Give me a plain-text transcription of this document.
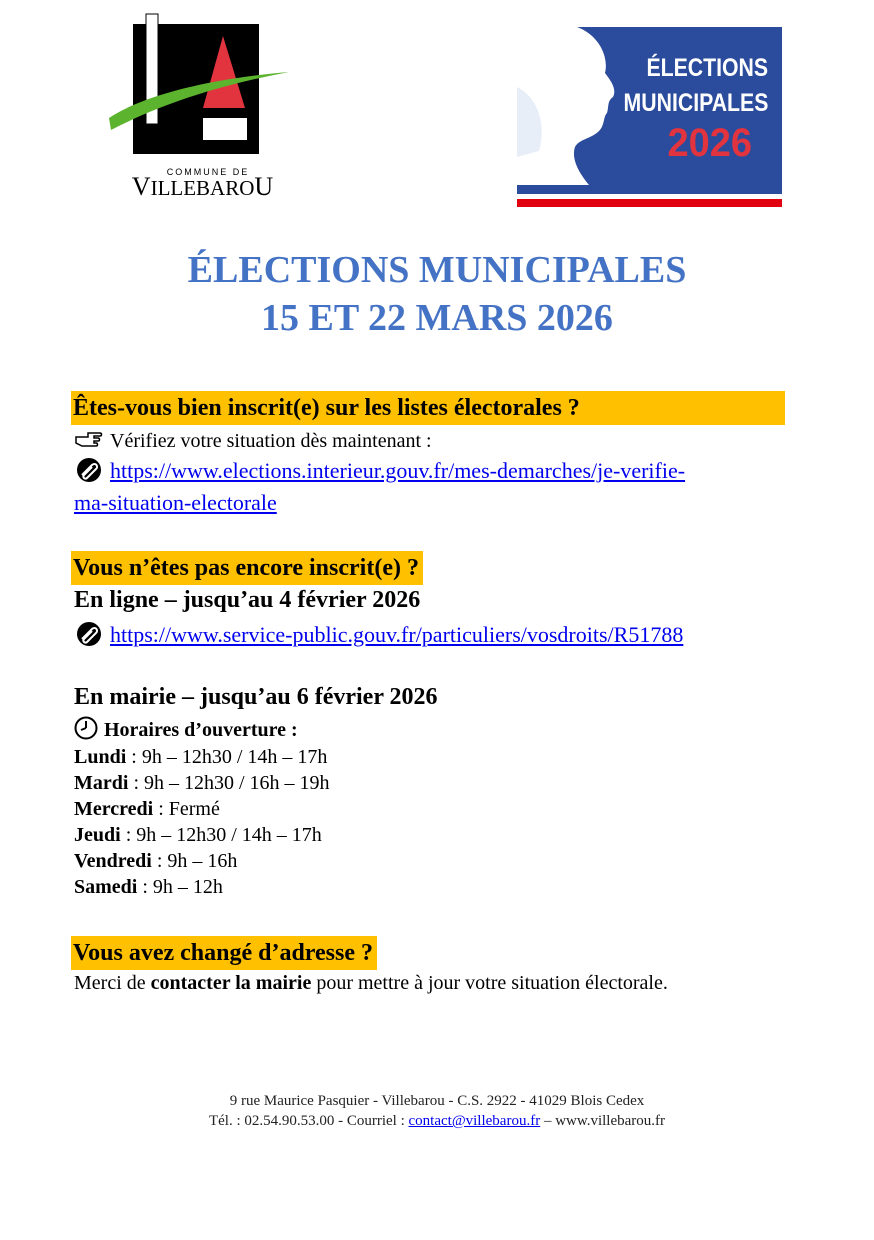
COMMUNE DE
VILLEBAROU
ÉLECTIONS
MUNICIPALES
2026
ÉLECTIONS MUNICIPALES
15 ET 22 MARS 2026
Êtes-vous bien inscrit(e) sur les listes électorales ?
Vérifiez votre situation dès maintenant :
https://www.elections.interieur.gouv.fr/mes-demarches/je-verifie-
ma-situation-electorale
Vous n’êtes pas encore inscrit(e) ?
En ligne – jusqu’au 4 février 2026
https://www.service-public.gouv.fr/particuliers/vosdroits/R51788
En mairie – jusqu’au 6 février 2026
Horaires d’ouverture :
Lundi : 9h – 12h30 / 14h – 17h
Mardi : 9h – 12h30 / 16h – 19h
Mercredi : Fermé
Jeudi : 9h – 12h30 / 14h – 17h
Vendredi : 9h – 16h
Samedi : 9h – 12h
Vous avez changé d’adresse ?
Merci de contacter la mairie pour mettre à jour votre situation électorale.
9 rue Maurice Pasquier - Villebarou - C.S. 2922 - 41029 Blois Cedex
Tél. : 02.54.90.53.00 - Courriel : contact@villebarou.fr – www.villebarou.fr
